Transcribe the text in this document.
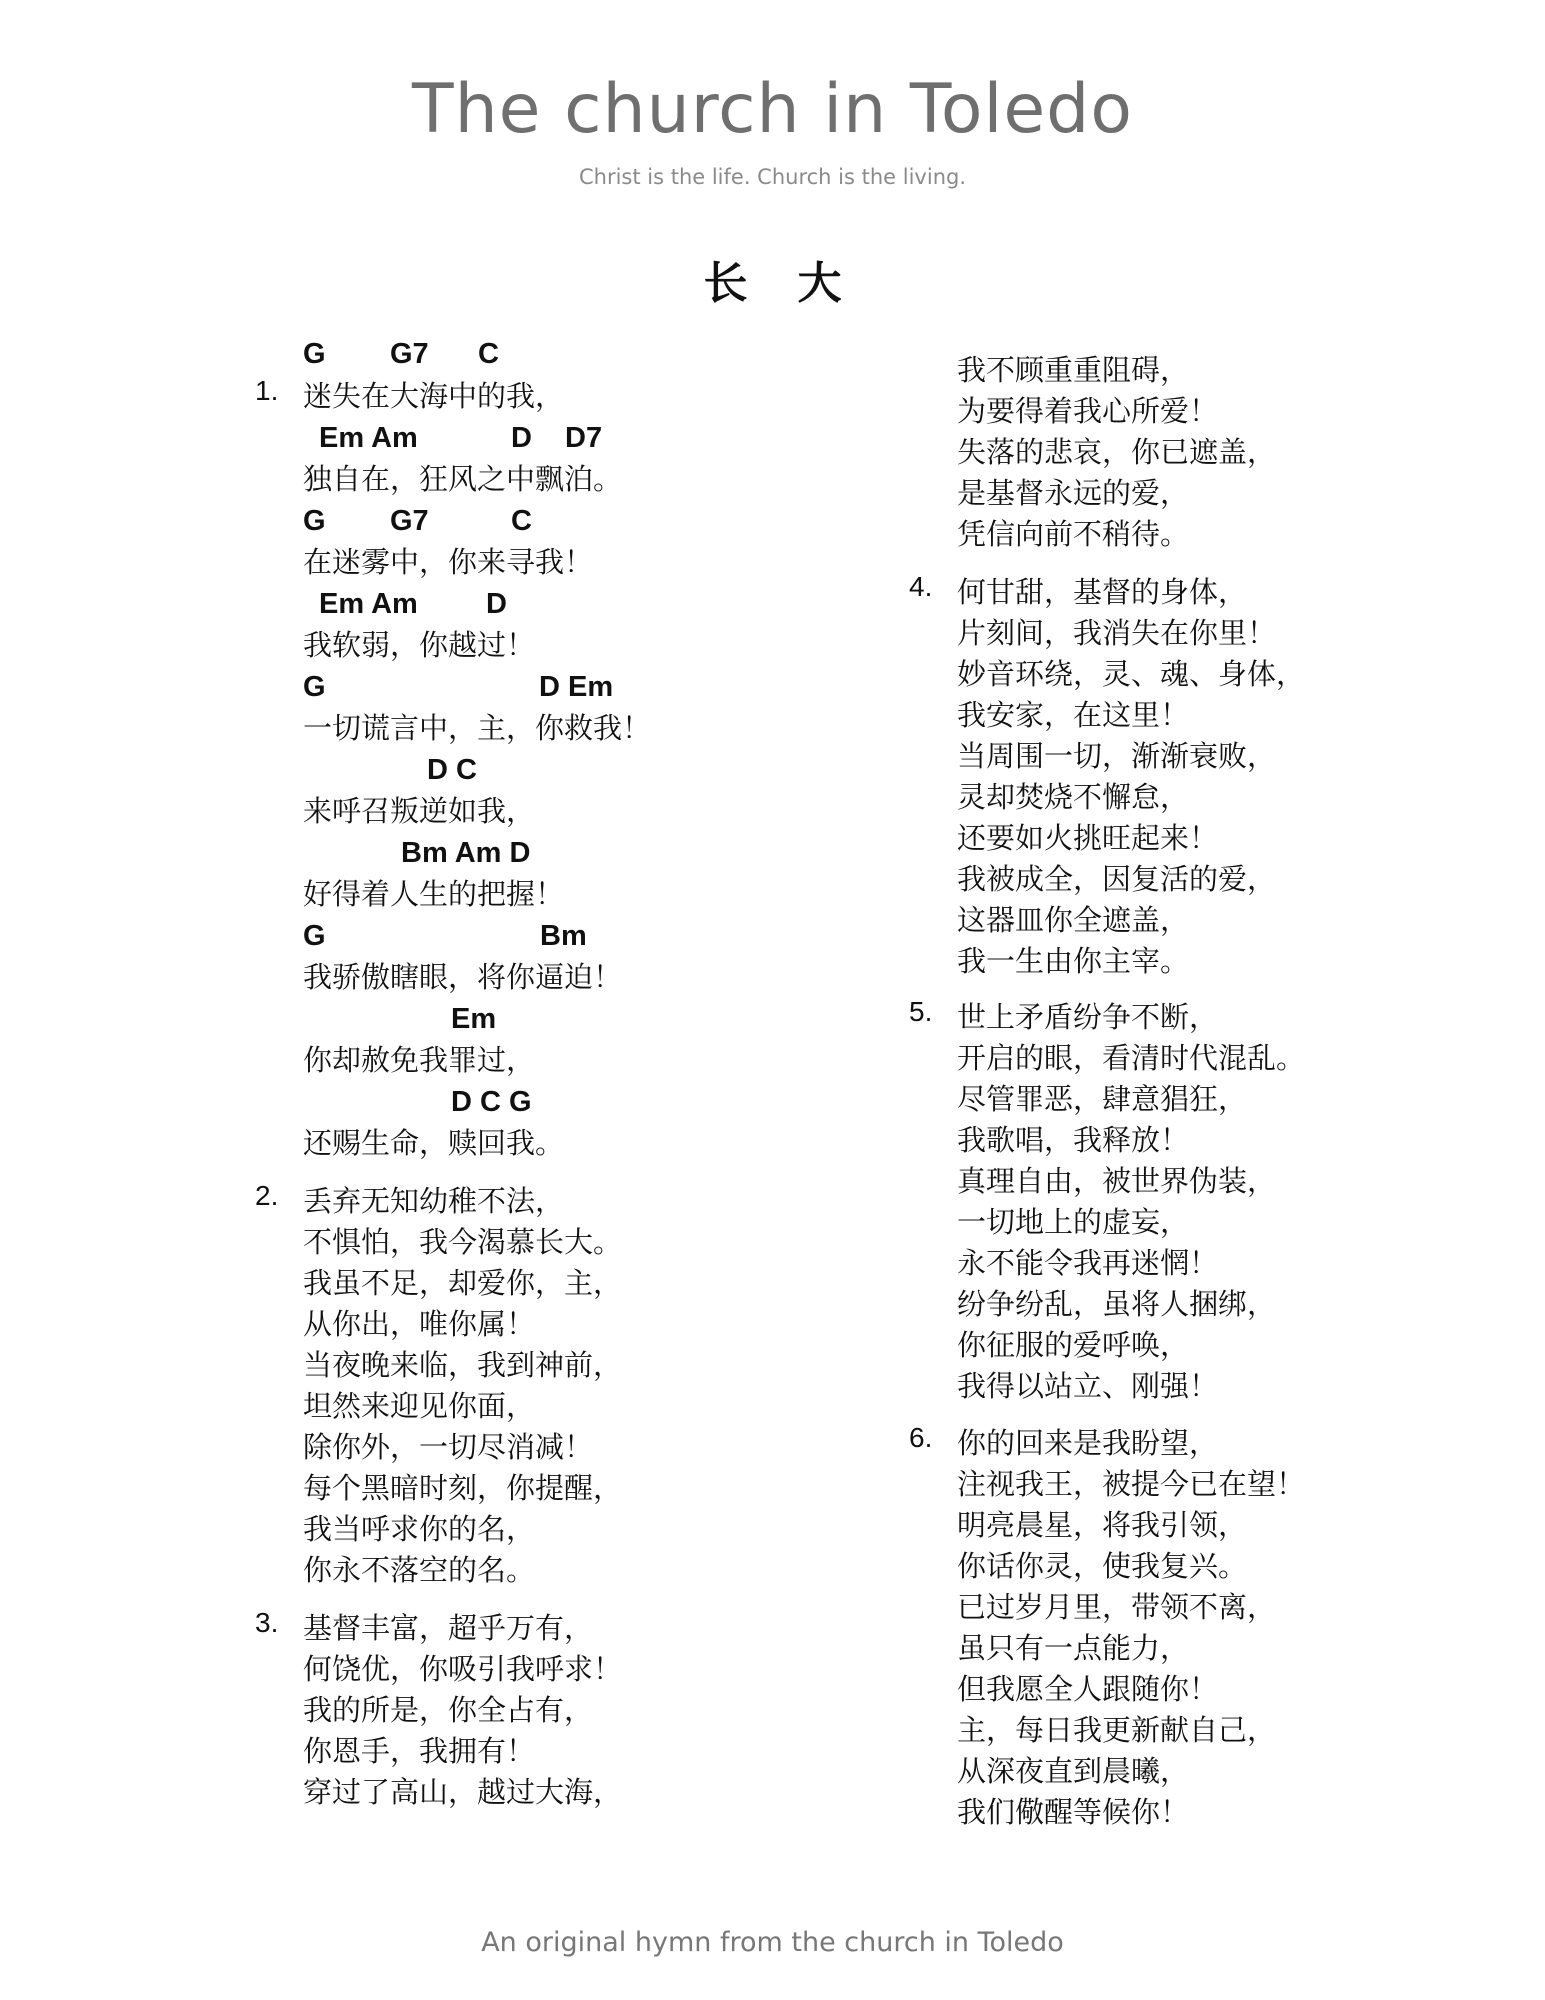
The church in Toledo
Christ is the life. Church is the living.
长大
1.
G G7 C
迷失在大海中的我，
Em Am	D D7
独自在，狂风之中飘泊。
G G7	C
在迷雾中，你来寻我！
Em Am D
我软弱，你越过！
G	D Em
一切谎言中，主，你救我！
D C
来呼召叛逆如我，
Bm Am D
好得着人生的把握！
G	Bm
我骄傲瞎眼，将你逼迫！
Em
你却赦免我罪过，
D C G
还赐生命，赎回我。
2. 丢弃无知幼稚不法，
不惧怕，我今渴慕长大。
我虽不足，却爱你，主，
从你出，唯你属！
当夜晚来临，我到神前，
坦然来迎见你面，
除你外，一切尽消减！
每个黑暗时刻，你提醒，
我当呼求你的名，
你永不落空的名。
3. 基督丰富，超乎万有，
何饶优，你吸引我呼求！
我的所是，你全占有，
你恩手，我拥有！
穿过了高山，越过大海，
我不顾重重阻碍，
为要得着我心所爱！
失落的悲哀，你已遮盖，
是基督永远的爱，
凭信向前不稍待。
4. 何甘甜，基督的身体，
片刻间，我消失在你里！
妙音环绕，灵、魂、身体，
我安家，在这里！
当周围一切，渐渐衰败，
灵却焚烧不懈怠，
还要如火挑旺起来！
我被成全，因复活的爱，
这器皿你全遮盖，
我一生由你主宰。
5. 世上矛盾纷争不断，
开启的眼，看清时代混乱。
尽管罪恶，肆意猖狂，
我歌唱，我释放！
真理自由，被世界伪装，
一切地上的虚妄，
永不能令我再迷惘！
纷争纷乱，虽将人捆绑，
你征服的爱呼唤，
我得以站立、刚强！
6. 你的回来是我盼望，
注视我王，被提今已在望！
明亮晨星，将我引领，
你话你灵，使我复兴。
已过岁月里，带领不离，
虽只有一点能力，
但我愿全人跟随你！
主，每日我更新献自己，
从深夜直到晨曦，
我们儆醒等候你！
An original hymn from the church in Toledo
